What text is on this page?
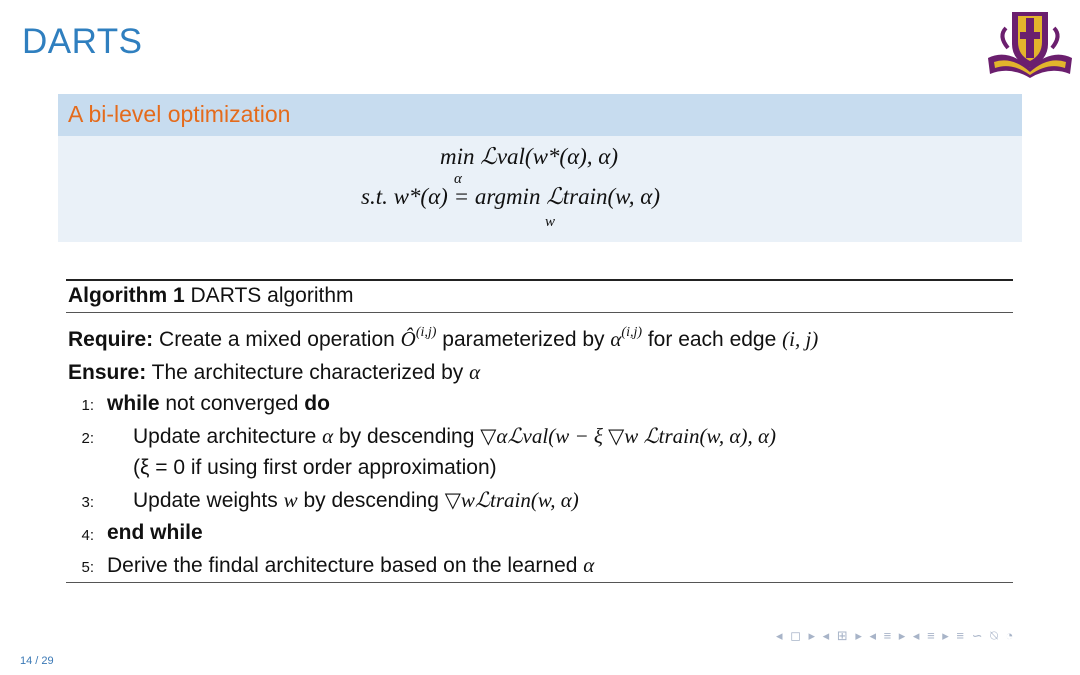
DARTS
A bi-level optimization
min ℒval(w*(α), α)
α
s.t. w*(α) = argmin ℒtrain(w, α)
w
Algorithm 1 DARTS algorithm
Require: Create a mixed operation Ô$^{(i,j)}$ parameterized by $\alpha^{(i,j)}$ for each edge (i, j)
Ensure: The architecture characterized by α
1: while not converged do
2: Update architecture α by descending ▽αℒval(w − ξ ▽w ℒtrain(w, α), α)
(ξ = 0 if using first order approximation)
3: Update weights w by descending ▽wℒtrain(w, α)
4: end while
5: Derive the findal architecture based on the learned α
◂ ◻ ▸ ◂ ⊞ ▸ ◂ ≡ ▸ ◂ ≡ ▸ ≡ ∽ ⍉ ◔
14 / 29
